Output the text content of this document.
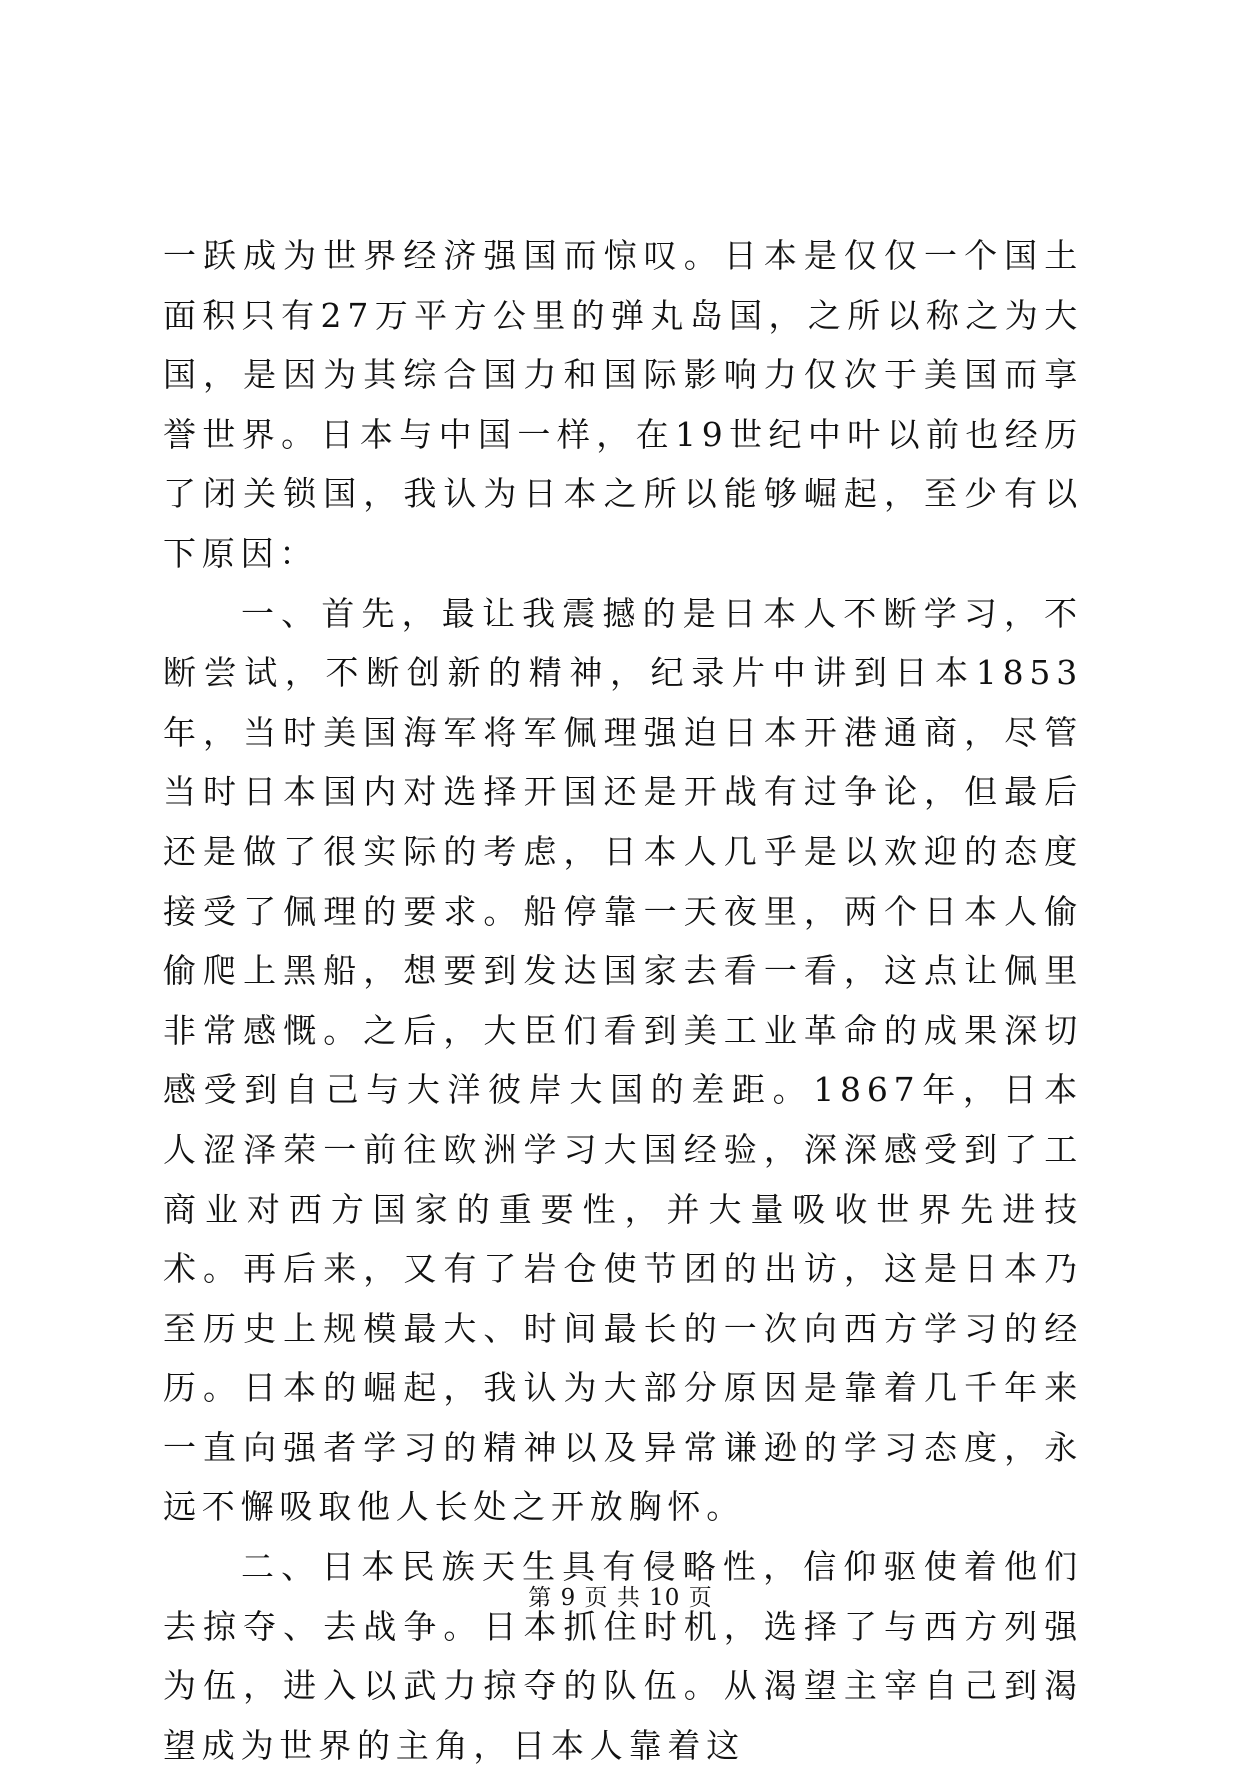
一跃成为世界经济强国而惊叹。日本是仅仅一个国土面积只有27万平方公里的弹丸岛国，之所以称之为大国，是因为其综合国力和国际影响力仅次于美国而享誉世界。日本与中国一样，在19世纪中叶以前也经历了闭关锁国，我认为日本之所以能够崛起，至少有以下原因：

一、首先，最让我震撼的是日本人不断学习，不断尝试，不断创新的精神，纪录片中讲到日本1853年，当时美国海军将军佩理强迫日本开港通商，尽管当时日本国内对选择开国还是开战有过争论，但最后还是做了很实际的考虑，日本人几乎是以欢迎的态度接受了佩理的要求。船停靠一天夜里，两个日本人偷偷爬上黑船，想要到发达国家去看一看，这点让佩里非常感慨。之后，大臣们看到美工业革命的成果深切感受到自己与大洋彼岸大国的差距。1867年，日本人涩泽荣一前往欧洲学习大国经验，深深感受到了工商业对西方国家的重要性，并大量吸收世界先进技术。再后来，又有了岩仓使节团的出访，这是日本乃至历史上规模最大、时间最长的一次向西方学习的经历。日本的崛起，我认为大部分原因是靠着几千年来一直向强者学习的精神以及异常谦逊的学习态度，永远不懈吸取他人长处之开放胸怀。

二、日本民族天生具有侵略性，信仰驱使着他们去掠夺、去战争。日本抓住时机，选择了与西方列强为伍，进入以武力掠夺的队伍。从渴望主宰自己到渴望成为世界的主角，日本人靠着这

第 9 页 共 10 页
